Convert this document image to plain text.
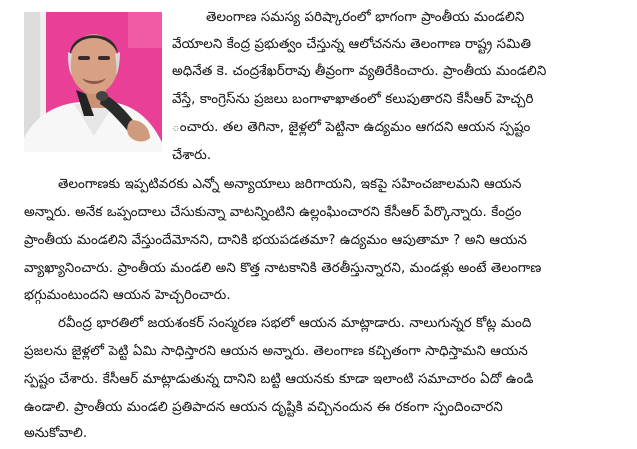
తెలంగాణ సమస్య పరిష్కారంలో భాగంగా ప్రాంతీయ మండలిని
వేయాలని కేంద్ర ప్రభుత్వం చేస్తున్న ఆలోచనను తెలంగాణ రాష్ట్ర సమితి
అధినేత కె. చంద్రశేఖర్‌రావు తీవ్రంగా వ్యతిరేకించారు. ప్రాంతీయ మండలిని
వేస్తే, కాంగ్రెస్‌ను ప్రజలు బంగాళాఖాతంలో కలుపుతారని కేసీఆర్ హెచ్చరి
ంచారు. తల తెగినా, జైళ్లలో పెట్టినా ఉద్యమం ఆగదని ఆయన స్పష్టం
చేశారు.
తెలంగాణకు ఇప్పటివరకు ఎన్నో అన్యాయాలు జరిగాయని, ఇకపై సహించజాలమని ఆయన
అన్నారు. అనేక ఒప్పందాలు చేసుకున్నా వాటన్నింటిని ఉల్లంఘించారని కేసీఆర్ పేర్కొన్నారు. కేంద్రం
ప్రాంతీయ మండలిని వేస్తుందేమోనని, దానికి భయపడతమా? ఉద్యమం ఆపుతామా ? అని ఆయన
వ్యాఖ్యానించారు. ప్రాంతీయ మండలి అని కొత్త నాటకానికి తెరతీస్తున్నారని, మండళ్లు అంటే తెలంగాణ
భగ్గుమంటుందని ఆయన హెచ్చరించారు.
రవీంద్ర భారతిలో జయశంకర్ సంస్మరణ సభలో ఆయన మాట్లాడారు. నాలుగున్నర కోట్ల మంది
ప్రజలను జైళ్లలో పెట్టి ఏమి సాధిస్తారని ఆయన అన్నారు. తెలంగాణ కచ్చితంగా సాధిస్తామని ఆయన
స్పష్టం చేశారు. కేసీఆర్ మాట్లాడుతున్న దానిని బట్టి ఆయనకు కూడా ఇలాంటి సమాచారం ఏదో ఉండి
ఉండాలి. ప్రాంతీయ మండలి ప్రతిపాదన ఆయన దృష్టికి వచ్చినందున ఈ రకంగా స్పందించారని
అనుకోవాలి.
